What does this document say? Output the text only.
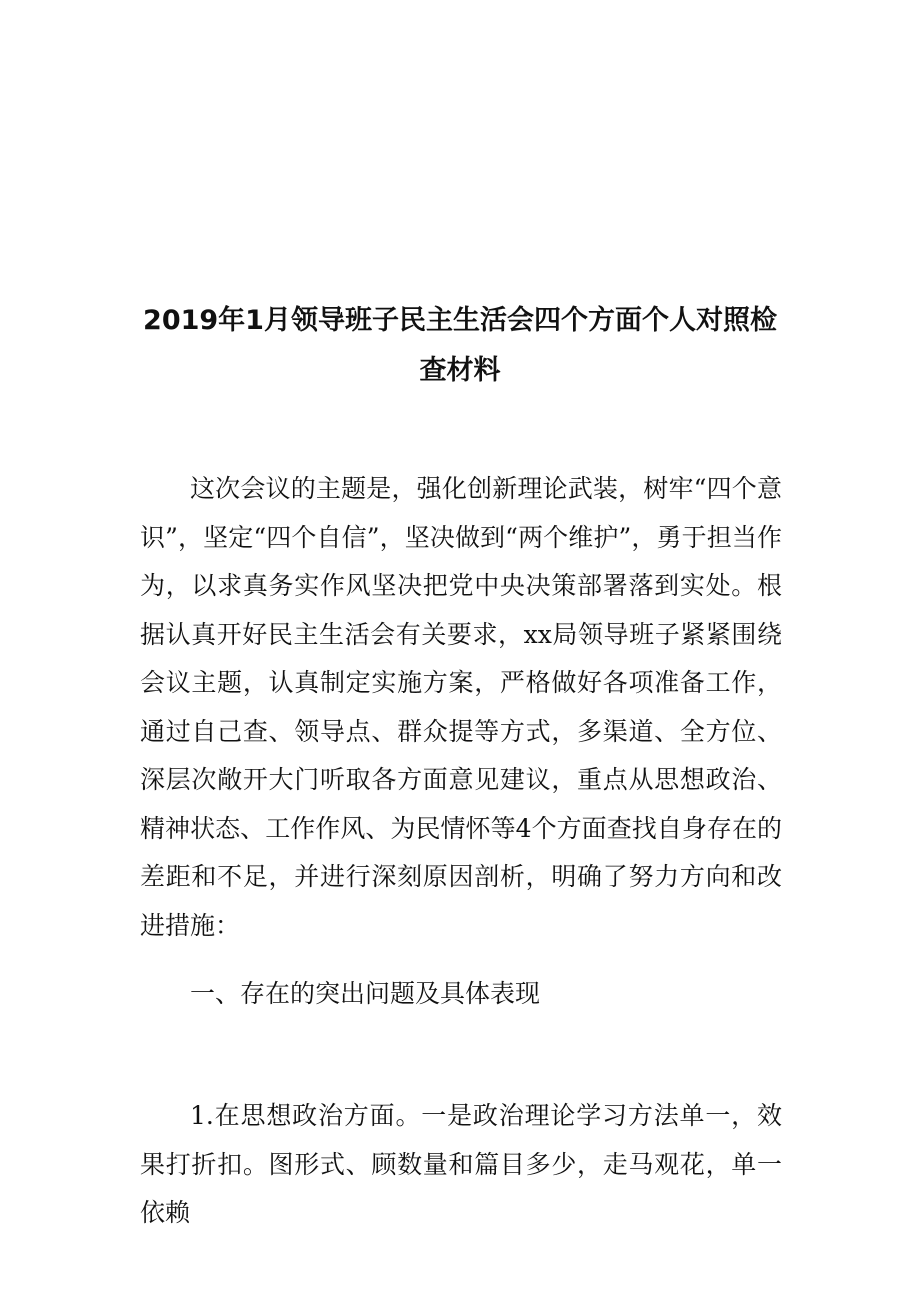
2019年1月领导班子民主生活会四个方面个人对照检查材料

这次会议的主题是，强化创新理论武装，树牢“四个意识”，坚定“四个自信”，坚决做到“两个维护”，勇于担当作为，以求真务实作风坚决把党中央决策部署落到实处。根据认真开好民主生活会有关要求，xx局领导班子紧紧围绕会议主题，认真制定实施方案，严格做好各项准备工作，通过自己查、领导点、群众提等方式，多渠道、全方位、深层次敞开大门听取各方面意见建议，重点从思想政治、精神状态、工作作风、为民情怀等4个方面查找自身存在的差距和不足，并进行深刻原因剖析，明确了努力方向和改进措施：

一、存在的突出问题及具体表现

1.在思想政治方面。一是政治理论学习方法单一，效果打折扣。图形式、顾数量和篇目多少，走马观花，单一依赖
